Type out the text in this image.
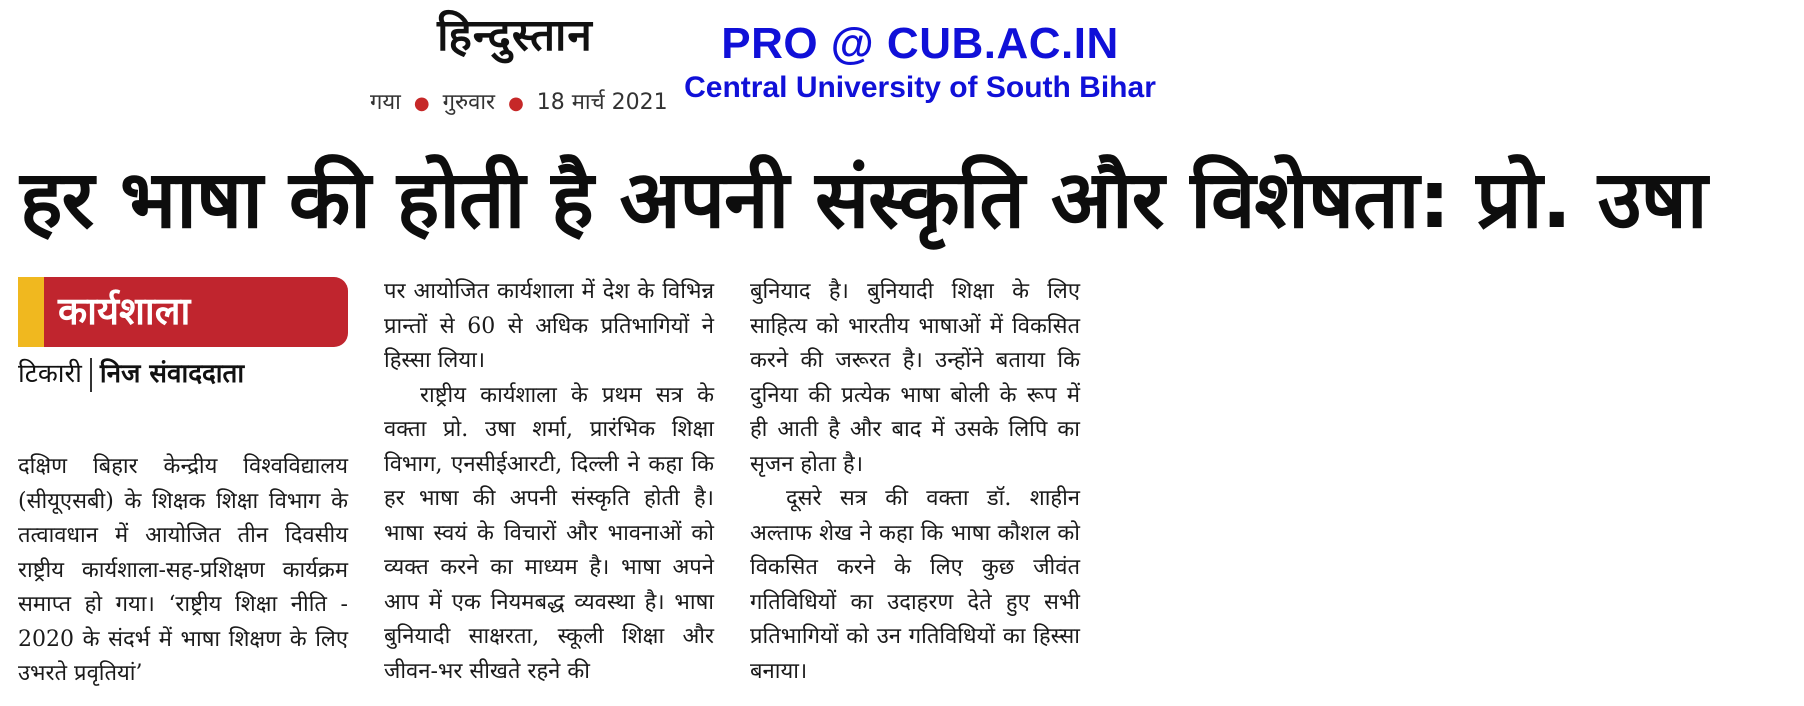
हिन्दुस्तान
गया ● गुरुवार ● 18 मार्च 2021
PRO @ CUB.AC.IN
Central University of South Bihar
हर भाषा की होती है अपनी संस्कृति और विशेषता: प्रो. उषा
कार्यशाला
टिकारी निज संवाददाता

दक्षिण बिहार केन्द्रीय विश्वविद्यालय (सीयूएसबी) के शिक्षक शिक्षा विभाग के तत्वावधान में आयोजित तीन दिवसीय राष्ट्रीय कार्यशाला-सह-प्रशिक्षण कार्यक्रम समाप्त हो गया। ‘राष्ट्रीय शिक्षा नीति - 2020 के संदर्भ में भाषा शिक्षण के लिए उभरते प्रवृतियां’

पर आयोजित कार्यशाला में देश के विभिन्न प्रान्तों से 60 से अधिक प्रतिभागियों ने हिस्सा लिया।

राष्ट्रीय कार्यशाला के प्रथम सत्र के वक्ता प्रो. उषा शर्मा, प्रारंभिक शिक्षा विभाग, एनसीईआरटी, दिल्ली ने कहा कि हर भाषा की अपनी संस्कृति होती है। भाषा स्वयं के विचारों और भावनाओं को व्यक्त करने का माध्यम है। भाषा अपने आप में एक नियमबद्ध व्यवस्था है। भाषा बुनियादी साक्षरता, स्कूली शिक्षा और जीवन-भर सीखते रहने की

बुनियाद है। बुनियादी शिक्षा के लिए साहित्य को भारतीय भाषाओं में विकसित करने की जरूरत है। उन्होंने बताया कि दुनिया की प्रत्येक भाषा बोली के रूप में ही आती है और बाद में उसके लिपि का सृजन होता है।

दूसरे सत्र की वक्ता डॉ. शाहीन अल्ताफ शेख ने कहा कि भाषा कौशल को विकसित करने के लिए कुछ जीवंत गतिविधियों का उदाहरण देते हुए सभी प्रतिभागियों को उन गतिविधियों का हिस्सा बनाया।
